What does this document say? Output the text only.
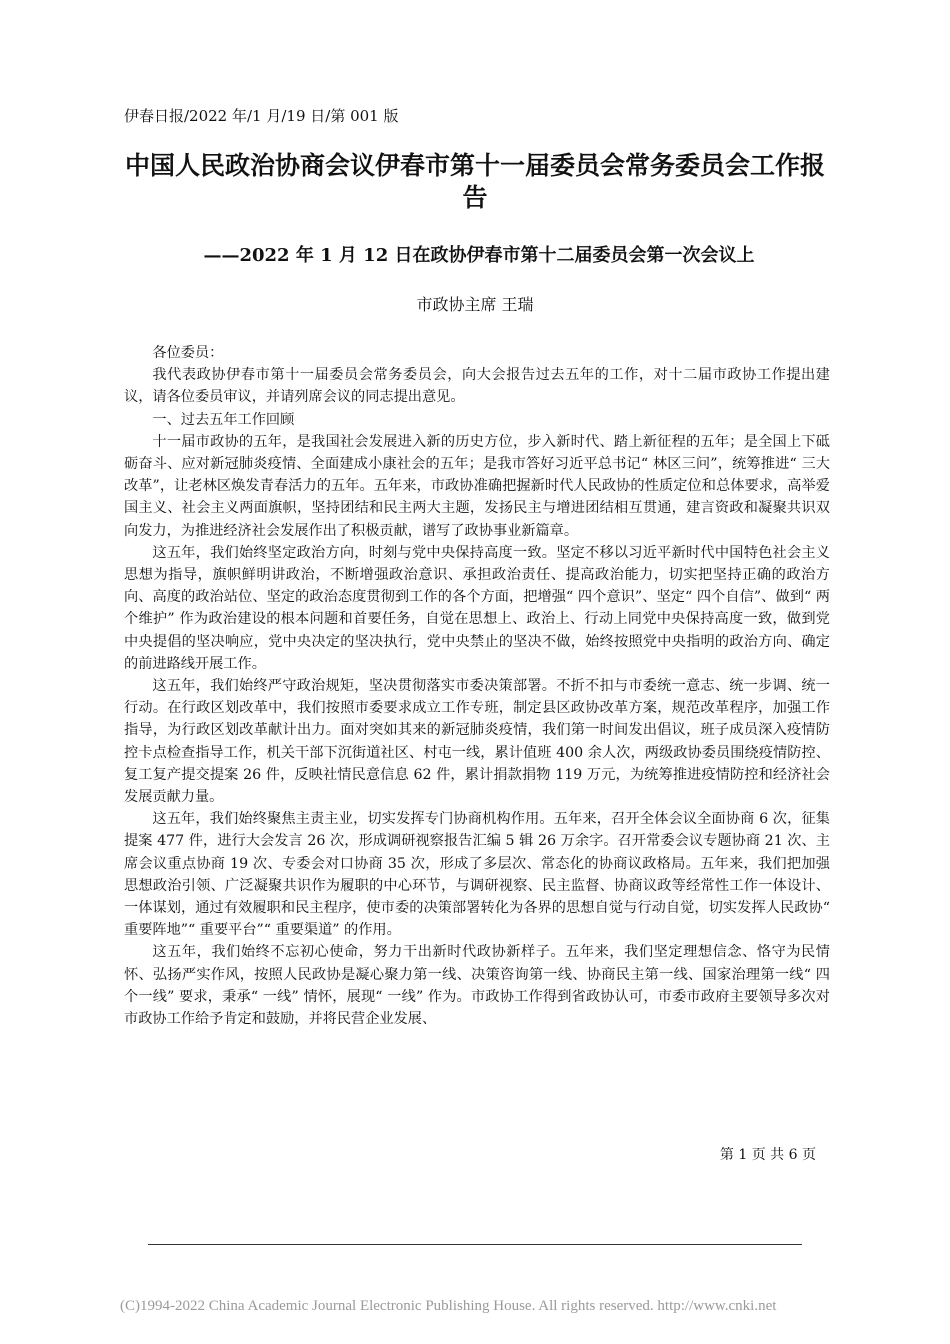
伊春日报/2022 年/1 月/19 日/第 001 版
中国人民政治协商会议伊春市第十一届委员会常务委员会工作报告
——2022 年 1 月 12 日在政协伊春市第十二届委员会第一次会议上
市政协主席 王瑞

各位委员：

我代表政协伊春市第十一届委员会常务委员会，向大会报告过去五年的工作，对十二届市政协工作提出建议，请各位委员审议，并请列席会议的同志提出意见。

一、过去五年工作回顾

十一届市政协的五年，是我国社会发展进入新的历史方位，步入新时代、踏上新征程的五年；是全国上下砥砺奋斗、应对新冠肺炎疫情、全面建成小康社会的五年；是我市答好习近平总书记“ 林区三问”，统筹推进“ 三大改革”，让老林区焕发青春活力的五年。五年来，市政协准确把握新时代人民政协的性质定位和总体要求，高举爱国主义、社会主义两面旗帜，坚持团结和民主两大主题，发扬民主与增进团结相互贯通，建言资政和凝聚共识双向发力，为推进经济社会发展作出了积极贡献，谱写了政协事业新篇章。

这五年，我们始终坚定政治方向，时刻与党中央保持高度一致。坚定不移以习近平新时代中国特色社会主义思想为指导，旗帜鲜明讲政治，不断增强政治意识、承担政治责任、提高政治能力，切实把坚持正确的政治方向、高度的政治站位、坚定的政治态度贯彻到工作的各个方面，把增强“ 四个意识”、坚定“ 四个自信”、做到“ 两个维护” 作为政治建设的根本问题和首要任务，自觉在思想上、政治上、行动上同党中央保持高度一致，做到党中央提倡的坚决响应，党中央决定的坚决执行，党中央禁止的坚决不做，始终按照党中央指明的政治方向、确定的前进路线开展工作。

这五年，我们始终严守政治规矩，坚决贯彻落实市委决策部署。不折不扣与市委统一意志、统一步调、统一行动。在行政区划改革中，我们按照市委要求成立工作专班，制定县区政协改革方案，规范改革程序，加强工作指导，为行政区划改革献计出力。面对突如其来的新冠肺炎疫情，我们第一时间发出倡议，班子成员深入疫情防控卡点检查指导工作，机关干部下沉街道社区、村屯一线，累计值班 400 余人次，两级政协委员围绕疫情防控、复工复产提交提案 26 件，反映社情民意信息 62 件，累计捐款捐物 119 万元，为统筹推进疫情防控和经济社会发展贡献力量。

这五年，我们始终聚焦主责主业，切实发挥专门协商机构作用。五年来，召开全体会议全面协商 6 次，征集提案 477 件，进行大会发言 26 次，形成调研视察报告汇编 5 辑 26 万余字。召开常委会议专题协商 21 次、主席会议重点协商 19 次、专委会对口协商 35 次，形成了多层次、常态化的协商议政格局。五年来，我们把加强思想政治引领、广泛凝聚共识作为履职的中心环节，与调研视察、民主监督、协商议政等经常性工作一体设计、一体谋划，通过有效履职和民主程序，使市委的决策部署转化为各界的思想自觉与行动自觉，切实发挥人民政协“ 重要阵地”“ 重要平台”“ 重要渠道” 的作用。

这五年，我们始终不忘初心使命，努力干出新时代政协新样子。五年来，我们坚定理想信念、恪守为民情怀、弘扬严实作风，按照人民政协是凝心聚力第一线、决策咨询第一线、协商民主第一线、国家治理第一线“ 四个一线” 要求，秉承“ 一线” 情怀，展现“ 一线” 作为。市政协工作得到省政协认可，市委市政府主要领导多次对市政协工作给予肯定和鼓励，并将民营企业发展、

第 1 页 共 6 页
(C)1994-2022 China Academic Journal Electronic Publishing House. All rights reserved. http://www.cnki.net
